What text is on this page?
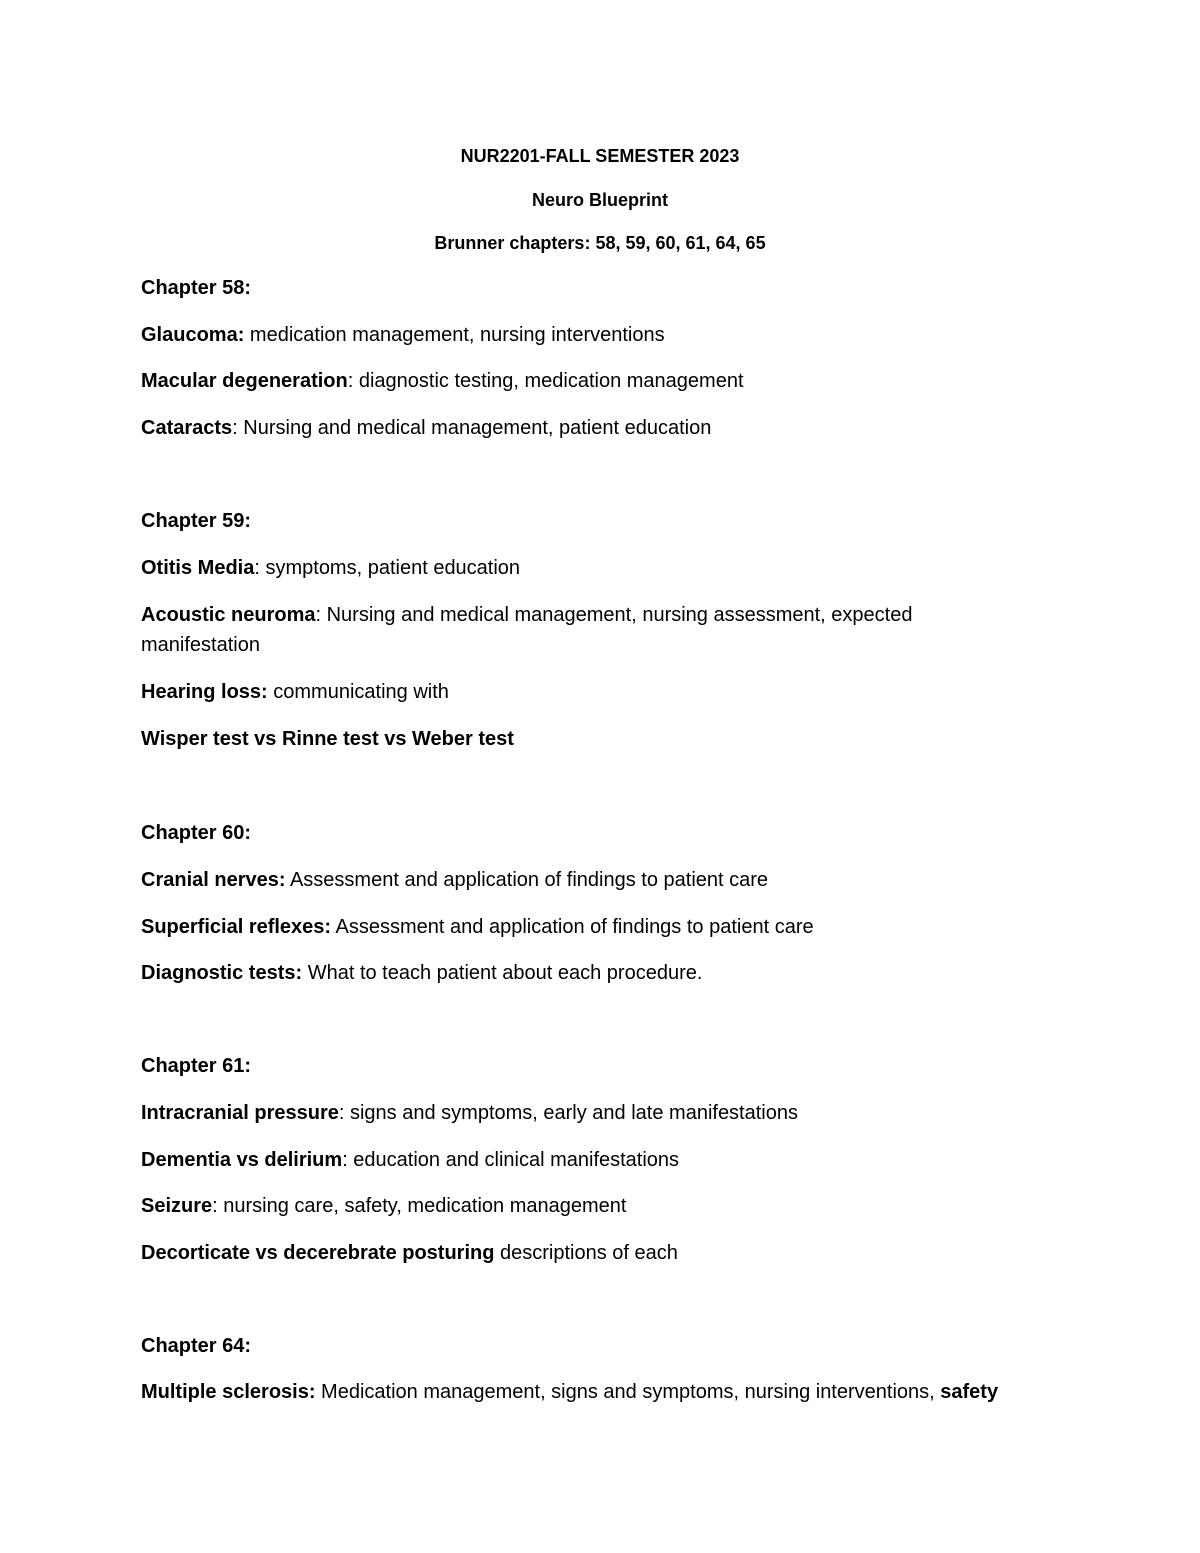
NUR2201-FALL SEMESTER 2023
Neuro Blueprint
Brunner chapters: 58, 59, 60, 61, 64, 65
Chapter 58:
Glaucoma: medication management, nursing interventions
Macular degeneration: diagnostic testing, medication management
Cataracts: Nursing and medical management, patient education
Chapter 59:
Otitis Media: symptoms, patient education
Acoustic neuroma: Nursing and medical management, nursing assessment, expected manifestation
Hearing loss: communicating with
Wisper test vs Rinne test vs Weber test
Chapter 60:
Cranial nerves: Assessment and application of findings to patient care
Superficial reflexes: Assessment and application of findings to patient care
Diagnostic tests: What to teach patient about each procedure.
Chapter 61:
Intracranial pressure: signs and symptoms, early and late manifestations
Dementia vs delirium: education and clinical manifestations
Seizure: nursing care, safety, medication management
Decorticate vs decerebrate posturing descriptions of each
Chapter 64:
Multiple sclerosis: Medication management, signs and symptoms, nursing interventions, safety
